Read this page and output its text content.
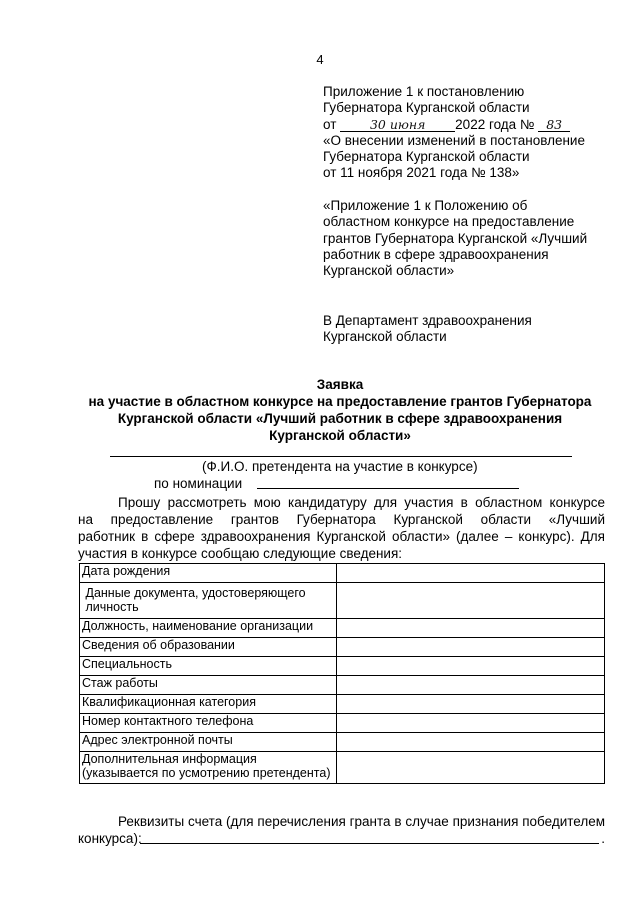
4
Приложение 1 к постановлению
Губернатора Курганской области
от	30 июня 2022 года № 83
«О внесении изменений в постановление
Губернатора Курганской области
от 11 ноября 2021 года № 138»
«Приложение 1 к Положению об
областном конкурсе на предоставление
грантов Губернатора Курганской «Лучший
работник в сфере здравоохранения
Курганской области»
В Департамент здравоохранения
Курганской области
Заявка
на участие в областном конкурсе на предоставление грантов Губернатора
Курганской области «Лучший работник в сфере здравоохранения
Курганской области»
(Ф.И.О. претендента на участие в конкурсе)
по номинации
Прошу рассмотреть мою кандидатуру для участия в областном конкурсе
на предоставление грантов Губернатора Курганской области «Лучший
работник в сфере здравоохранения Курганской области» (далее – конкурс). Для
участия в конкурсе сообщаю следующие сведения:
Дата рождения	

Данные документа, удостоверяющего
личность	

Должность, наименование организации	
Сведения об образовании	
Специальность	
Стаж работы	
Квалификационная категория	
Номер контактного телефона	
Адрес электронной почты	

Дополнительная информация
(указывается по усмотрению претендента)	

Реквизиты счета (для перечисления гранта в случае признания победителем
конкурса):	.
